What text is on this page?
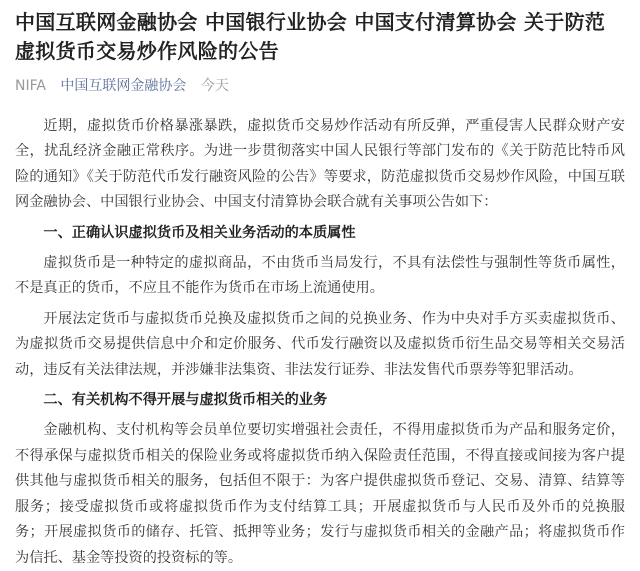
中国互联网金融协会 中国银行业协会 中国支付清算协会 关于防范虚拟货币交易炒作风险的公告
NIFA 中国互联网金融协会 今天

近期，虚拟货币价格暴涨暴跌，虚拟货币交易炒作活动有所反弹，严重侵害人民群众财产安全，扰乱经济金融正常秩序。为进一步贯彻落实中国人民银行等部门发布的《关于防范比特币风险的通知》《关于防范代币发行融资风险的公告》等要求，防范虚拟货币交易炒作风险，中国互联网金融协会、中国银行业协会、中国支付清算协会联合就有关事项公告如下：

一、正确认识虚拟货币及相关业务活动的本质属性

虚拟货币是一种特定的虚拟商品，不由货币当局发行，不具有法偿性与强制性等货币属性，不是真正的货币，不应且不能作为货币在市场上流通使用。

开展法定货币与虚拟货币兑换及虚拟货币之间的兑换业务、作为中央对手方买卖虚拟货币、为虚拟货币交易提供信息中介和定价服务、代币发行融资以及虚拟货币衍生品交易等相关交易活动，违反有关法律法规，并涉嫌非法集资、非法发行证券、非法发售代币票券等犯罪活动。

二、有关机构不得开展与虚拟货币相关的业务

金融机构、支付机构等会员单位要切实增强社会责任，不得用虚拟货币为产品和服务定价，不得承保与虚拟货币相关的保险业务或将虚拟货币纳入保险责任范围，不得直接或间接为客户提供其他与虚拟货币相关的服务，包括但不限于：为客户提供虚拟货币登记、交易、清算、结算等服务；接受虚拟货币或将虚拟货币作为支付结算工具；开展虚拟货币与人民币及外币的兑换服务；开展虚拟货币的储存、托管、抵押等业务；发行与虚拟货币相关的金融产品；将虚拟货币作为信托、基金等投资的投资标的等。
